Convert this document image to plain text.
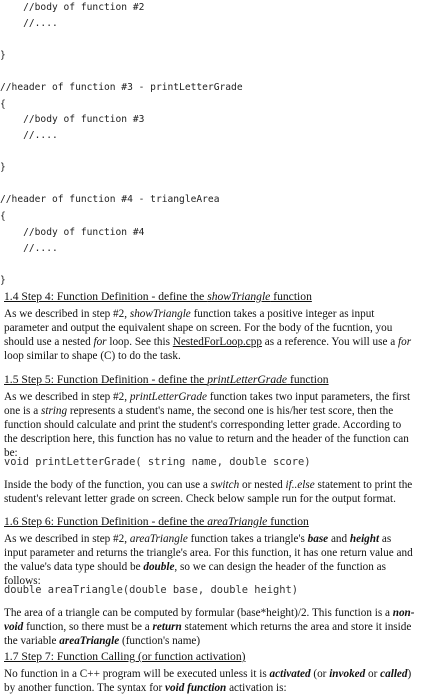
//body of function #2
//....
}
//header of function #3 - printLetterGrade
{
//body of function #3
//....
}
//header of function #4 - triangleArea
{
//body of function #4
//....
}
1.4 Step 4: Function Definition - define the showTriangle function
As we described in step #2, showTriangle function takes a positive integer as input parameter and output the equivalent shape on screen. For the body of the fucntion, you should use a nested for loop. See this NestedForLoop.cpp as a reference. You will use a for loop similar to shape (C) to do the task.
1.5 Step 5: Function Definition - define the printLetterGrade function
As we described in step #2, printLetterGrade function takes two input parameters, the first one is a string represents a student's name, the second one is his/her test score, then the function should calculate and print the student's corresponding letter grade. According to the description here, this function has no value to return and the header of the function can be:
void printLetterGrade( string name, double score)
Inside the body of the function, you can use a switch or nested if..else statement to print the student's relevant letter grade on screen. Check below sample run for the output format.
1.6 Step 6: Function Definition - define the areaTriangle function
As we described in step #2, areaTriangle function takes a triangle's base and height as input parameter and returns the triangle's area. For this function, it has one return value and the value's data type should be double, so we can design the header of the function as follows:
double areaTriangle(double base, double height)
The area of a triangle can be computed by formular (base*height)/2. This function is a non-void function, so there must be a return statement which returns the area and store it inside the variable areaTriangle (function's name)
1.7 Step 7: Function Calling (or function activation)
No function in a C++ program will be executed unless it is activated (or invoked or called) by another function. The syntax for void function activation is:
